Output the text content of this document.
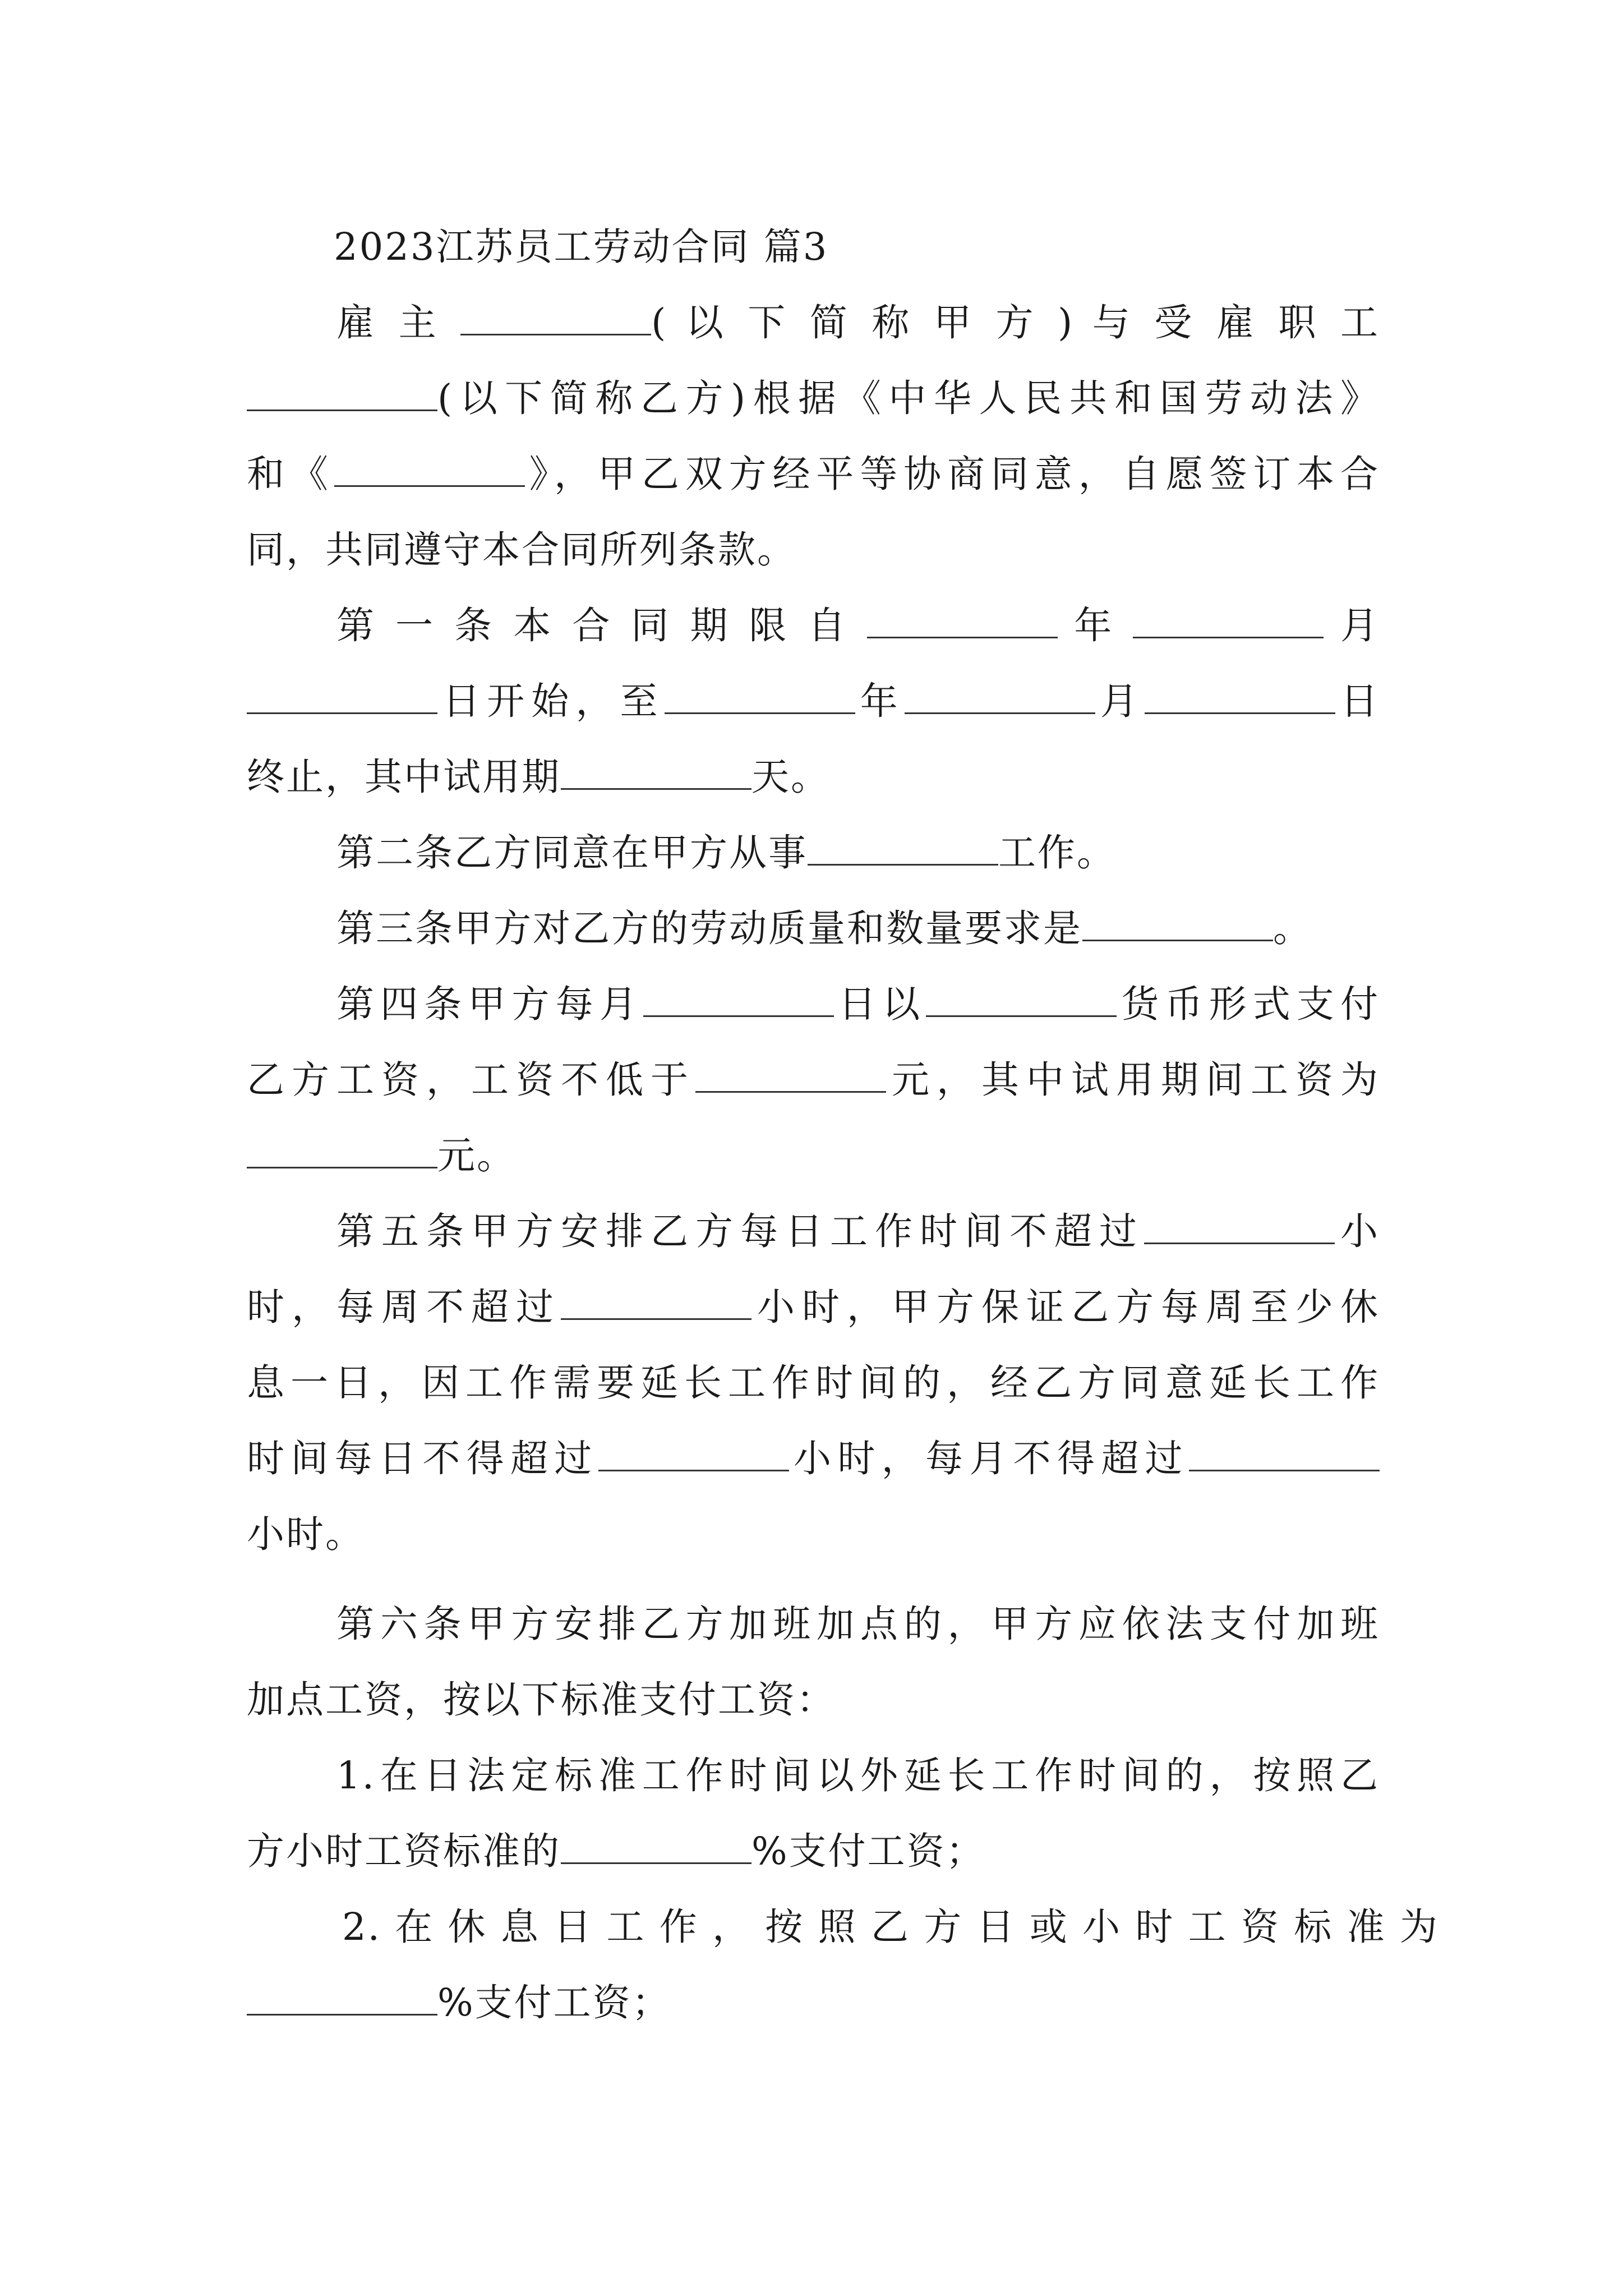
2023江苏员工劳动合同 篇3
雇 主	( 以 下 简 称 甲 方 ) 与 受 雇 职 工
(以下简称乙方)根据《中华人民共和国劳动法》
和《	》，甲乙双方经平等协商同意，自愿签订本合
同，共同遵守本合同所列条款。
第 一 条 本 合 同 期 限 自	年	月
日开始，至	年	月	日
终止，其中试用期	天。
第二条乙方同意在甲方从事	工作。
第三条甲方对乙方的劳动质量和数量要求是	。
第四条甲方每月	日以	货币形式支付
乙方工资，工资不低于	元，其中试用期间工资为
元。
第五条甲方安排乙方每日工作时间不超过	小
时，每周不超过	小时，甲方保证乙方每周至少休
息一日，因工作需要延长工作时间的，经乙方同意延长工作
时间每日不得超过	小时，每月不得超过
小时。
第六条甲方安排乙方加班加点的，甲方应依法支付加班
加点工资，按以下标准支付工资：
1.在日法定标准工作时间以外延长工作时间的，按照乙
方小时工资标准的	%支付工资；
2. 在 休 息 日 工 作 ， 按 照 乙 方 日 或 小 时 工 资 标 准 为
%支付工资；
